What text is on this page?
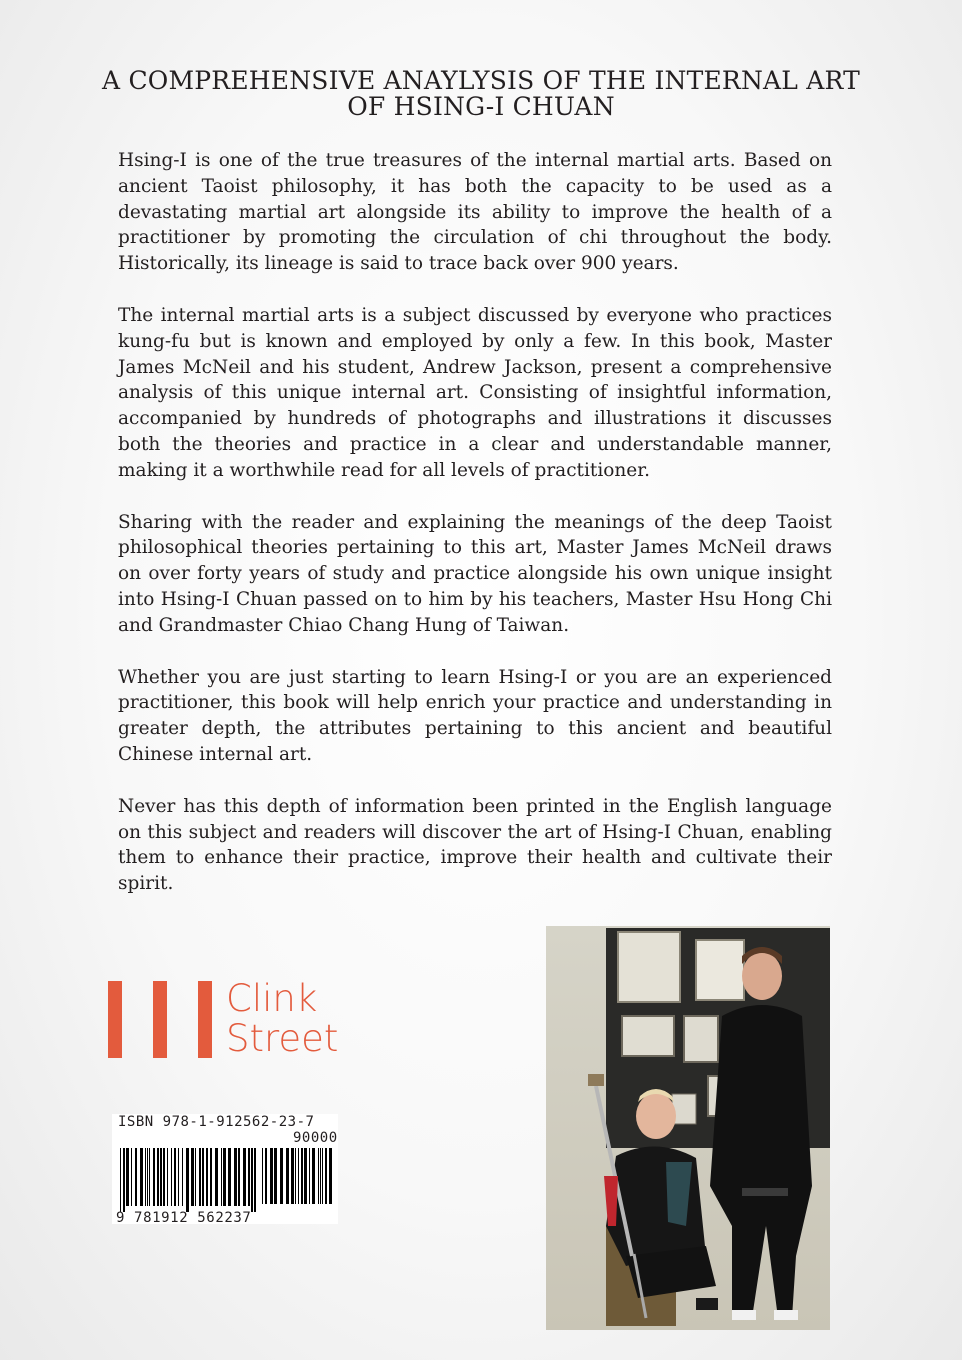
A COMPREHENSIVE ANAYLYSIS OF THE INTERNAL ART
OF HSING-I CHUAN

Hsing-I is one of the true treasures of the internal martial arts. Based on ancient Taoist philosophy, it has both the capacity to be used as a devastating martial art alongside its ability to improve the health of a practitioner by promoting the circulation of chi throughout the body. Historically, its lineage is said to trace back over 900 years.

The internal martial arts is a subject discussed by everyone who practices kung-fu but is known and employed by only a few. In this book, Master James McNeil and his student, Andrew Jackson, present a comprehensive analysis of this unique internal art. Consisting of insightful information, accompanied by hundreds of photographs and illustrations it discusses both the theories and practice in a clear and understandable manner, making it a worthwhile read for all levels of practitioner.

Sharing with the reader and explaining the meanings of the deep Taoist philosophical theories pertaining to this art, Master James McNeil draws on over forty years of study and practice alongside his own unique insight into Hsing-I Chuan passed on to him by his teachers, Master Hsu Hong Chi and Grandmaster Chiao Chang Hung of Taiwan.

Whether you are just starting to learn Hsing-I or you are an experienced practitioner, this book will help enrich your practice and understanding in greater depth, the attributes pertaining to this ancient and beautiful Chinese internal art.

Never has this depth of information been printed in the English language on this subject and readers will discover the art of Hsing-I Chuan, enabling them to enhance their practice, improve their health and cultivate their spirit.

Clink
Street
ISBN 978-1-912562-23-7
90000
9 781912 562237
